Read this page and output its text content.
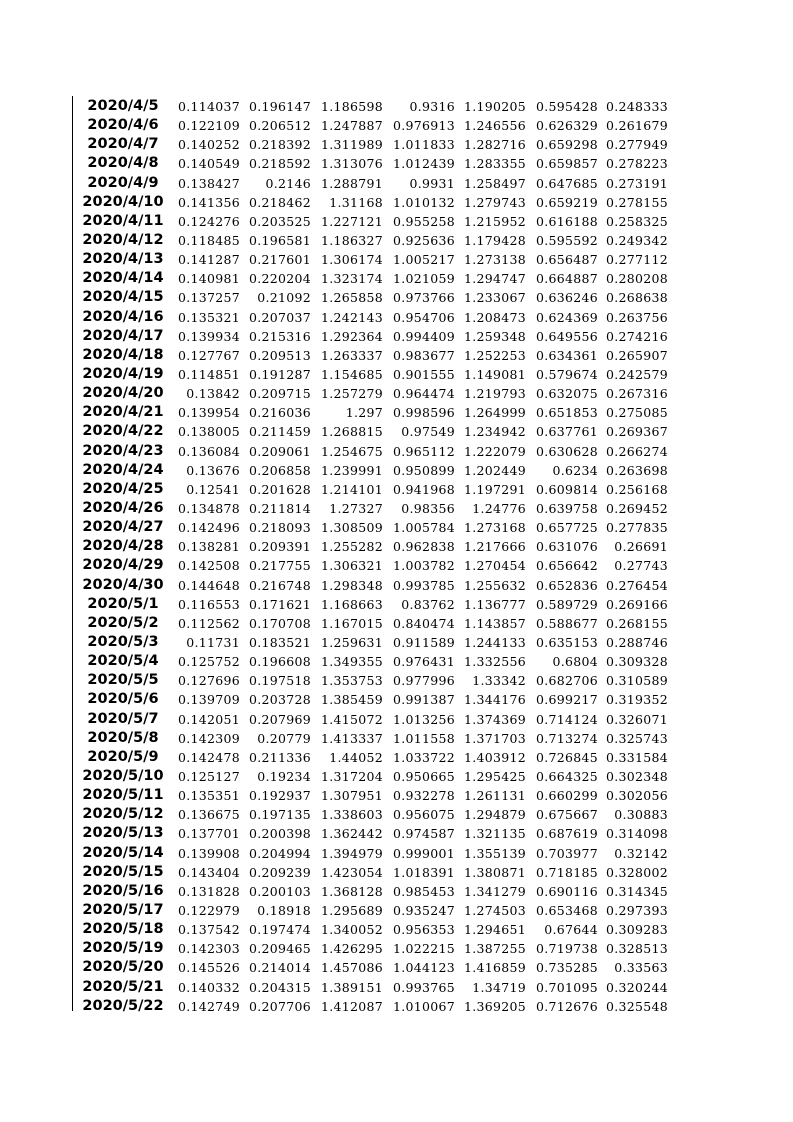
2020/4/5	0.114037	0.196147	1.186598	0.9316	1.190205	0.595428	0.248333
2020/4/6	0.122109	0.206512	1.247887	0.976913	1.246556	0.626329	0.261679
2020/4/7	0.140252	0.218392	1.311989	1.011833	1.282716	0.659298	0.277949
2020/4/8	0.140549	0.218592	1.313076	1.012439	1.283355	0.659857	0.278223
2020/4/9	0.138427	0.2146	1.288791	0.9931	1.258497	0.647685	0.273191
2020/4/10	0.141356	0.218462	1.31168	1.010132	1.279743	0.659219	0.278155
2020/4/11	0.124276	0.203525	1.227121	0.955258	1.215952	0.616188	0.258325
2020/4/12	0.118485	0.196581	1.186327	0.925636	1.179428	0.595592	0.249342
2020/4/13	0.141287	0.217601	1.306174	1.005217	1.273138	0.656487	0.277112
2020/4/14	0.140981	0.220204	1.323174	1.021059	1.294747	0.664887	0.280208
2020/4/15	0.137257	0.21092	1.265858	0.973766	1.233067	0.636246	0.268638
2020/4/16	0.135321	0.207037	1.242143	0.954706	1.208473	0.624369	0.263756
2020/4/17	0.139934	0.215316	1.292364	0.994409	1.259348	0.649556	0.274216
2020/4/18	0.127767	0.209513	1.263337	0.983677	1.252253	0.634361	0.265907
2020/4/19	0.114851	0.191287	1.154685	0.901555	1.149081	0.579674	0.242579
2020/4/20	0.13842	0.209715	1.257279	0.964474	1.219793	0.632075	0.267316
2020/4/21	0.139954	0.216036	1.297	0.998596	1.264999	0.651853	0.275085
2020/4/22	0.138005	0.211459	1.268815	0.97549	1.234942	0.637761	0.269367
2020/4/23	0.136084	0.209061	1.254675	0.965112	1.222079	0.630628	0.266274
2020/4/24	0.13676	0.206858	1.239991	0.950899	1.202449	0.6234	0.263698
2020/4/25	0.12541	0.201628	1.214101	0.941968	1.197291	0.609814	0.256168
2020/4/26	0.134878	0.211814	1.27327	0.98356	1.24776	0.639758	0.269452
2020/4/27	0.142496	0.218093	1.308509	1.005784	1.273168	0.657725	0.277835
2020/4/28	0.138281	0.209391	1.255282	0.962838	1.217666	0.631076	0.26691
2020/4/29	0.142508	0.217755	1.306321	1.003782	1.270454	0.656642	0.27743
2020/4/30	0.144648	0.216748	1.298348	0.993785	1.255632	0.652836	0.276454
2020/5/1	0.116553	0.171621	1.168663	0.83762	1.136777	0.589729	0.269166
2020/5/2	0.112562	0.170708	1.167015	0.840474	1.143857	0.588677	0.268155
2020/5/3	0.11731	0.183521	1.259631	0.911589	1.244133	0.635153	0.288746
2020/5/4	0.125752	0.196608	1.349355	0.976431	1.332556	0.6804	0.309328
2020/5/5	0.127696	0.197518	1.353753	0.977996	1.33342	0.682706	0.310589
2020/5/6	0.139709	0.203728	1.385459	0.991387	1.344176	0.699217	0.319352
2020/5/7	0.142051	0.207969	1.415072	1.013256	1.374369	0.714124	0.326071
2020/5/8	0.142309	0.20779	1.413337	1.011558	1.371703	0.713274	0.325743
2020/5/9	0.142478	0.211336	1.44052	1.033722	1.403912	0.726845	0.331584
2020/5/10	0.125127	0.19234	1.317204	0.950665	1.295425	0.664325	0.302348
2020/5/11	0.135351	0.192937	1.307951	0.932278	1.261131	0.660299	0.302056
2020/5/12	0.136675	0.197135	1.338603	0.956075	1.294879	0.675667	0.30883
2020/5/13	0.137701	0.200398	1.362442	0.974587	1.321135	0.687619	0.314098
2020/5/14	0.139908	0.204994	1.394979	0.999001	1.355139	0.703977	0.32142
2020/5/15	0.143404	0.209239	1.423054	1.018391	1.380871	0.718185	0.328002
2020/5/16	0.131828	0.200103	1.368128	0.985453	1.341279	0.690116	0.314345
2020/5/17	0.122979	0.18918	1.295689	0.935247	1.274503	0.653468	0.297393
2020/5/18	0.137542	0.197474	1.340052	0.956353	1.294651	0.67644	0.309283
2020/5/19	0.142303	0.209465	1.426295	1.022215	1.387255	0.719738	0.328513
2020/5/20	0.145526	0.214014	1.457086	1.044123	1.416859	0.735285	0.33563
2020/5/21	0.140332	0.204315	1.389151	0.993765	1.34719	0.701095	0.320244
2020/5/22	0.142749	0.207706	1.412087	1.010067	1.369205	0.712676	0.325548
